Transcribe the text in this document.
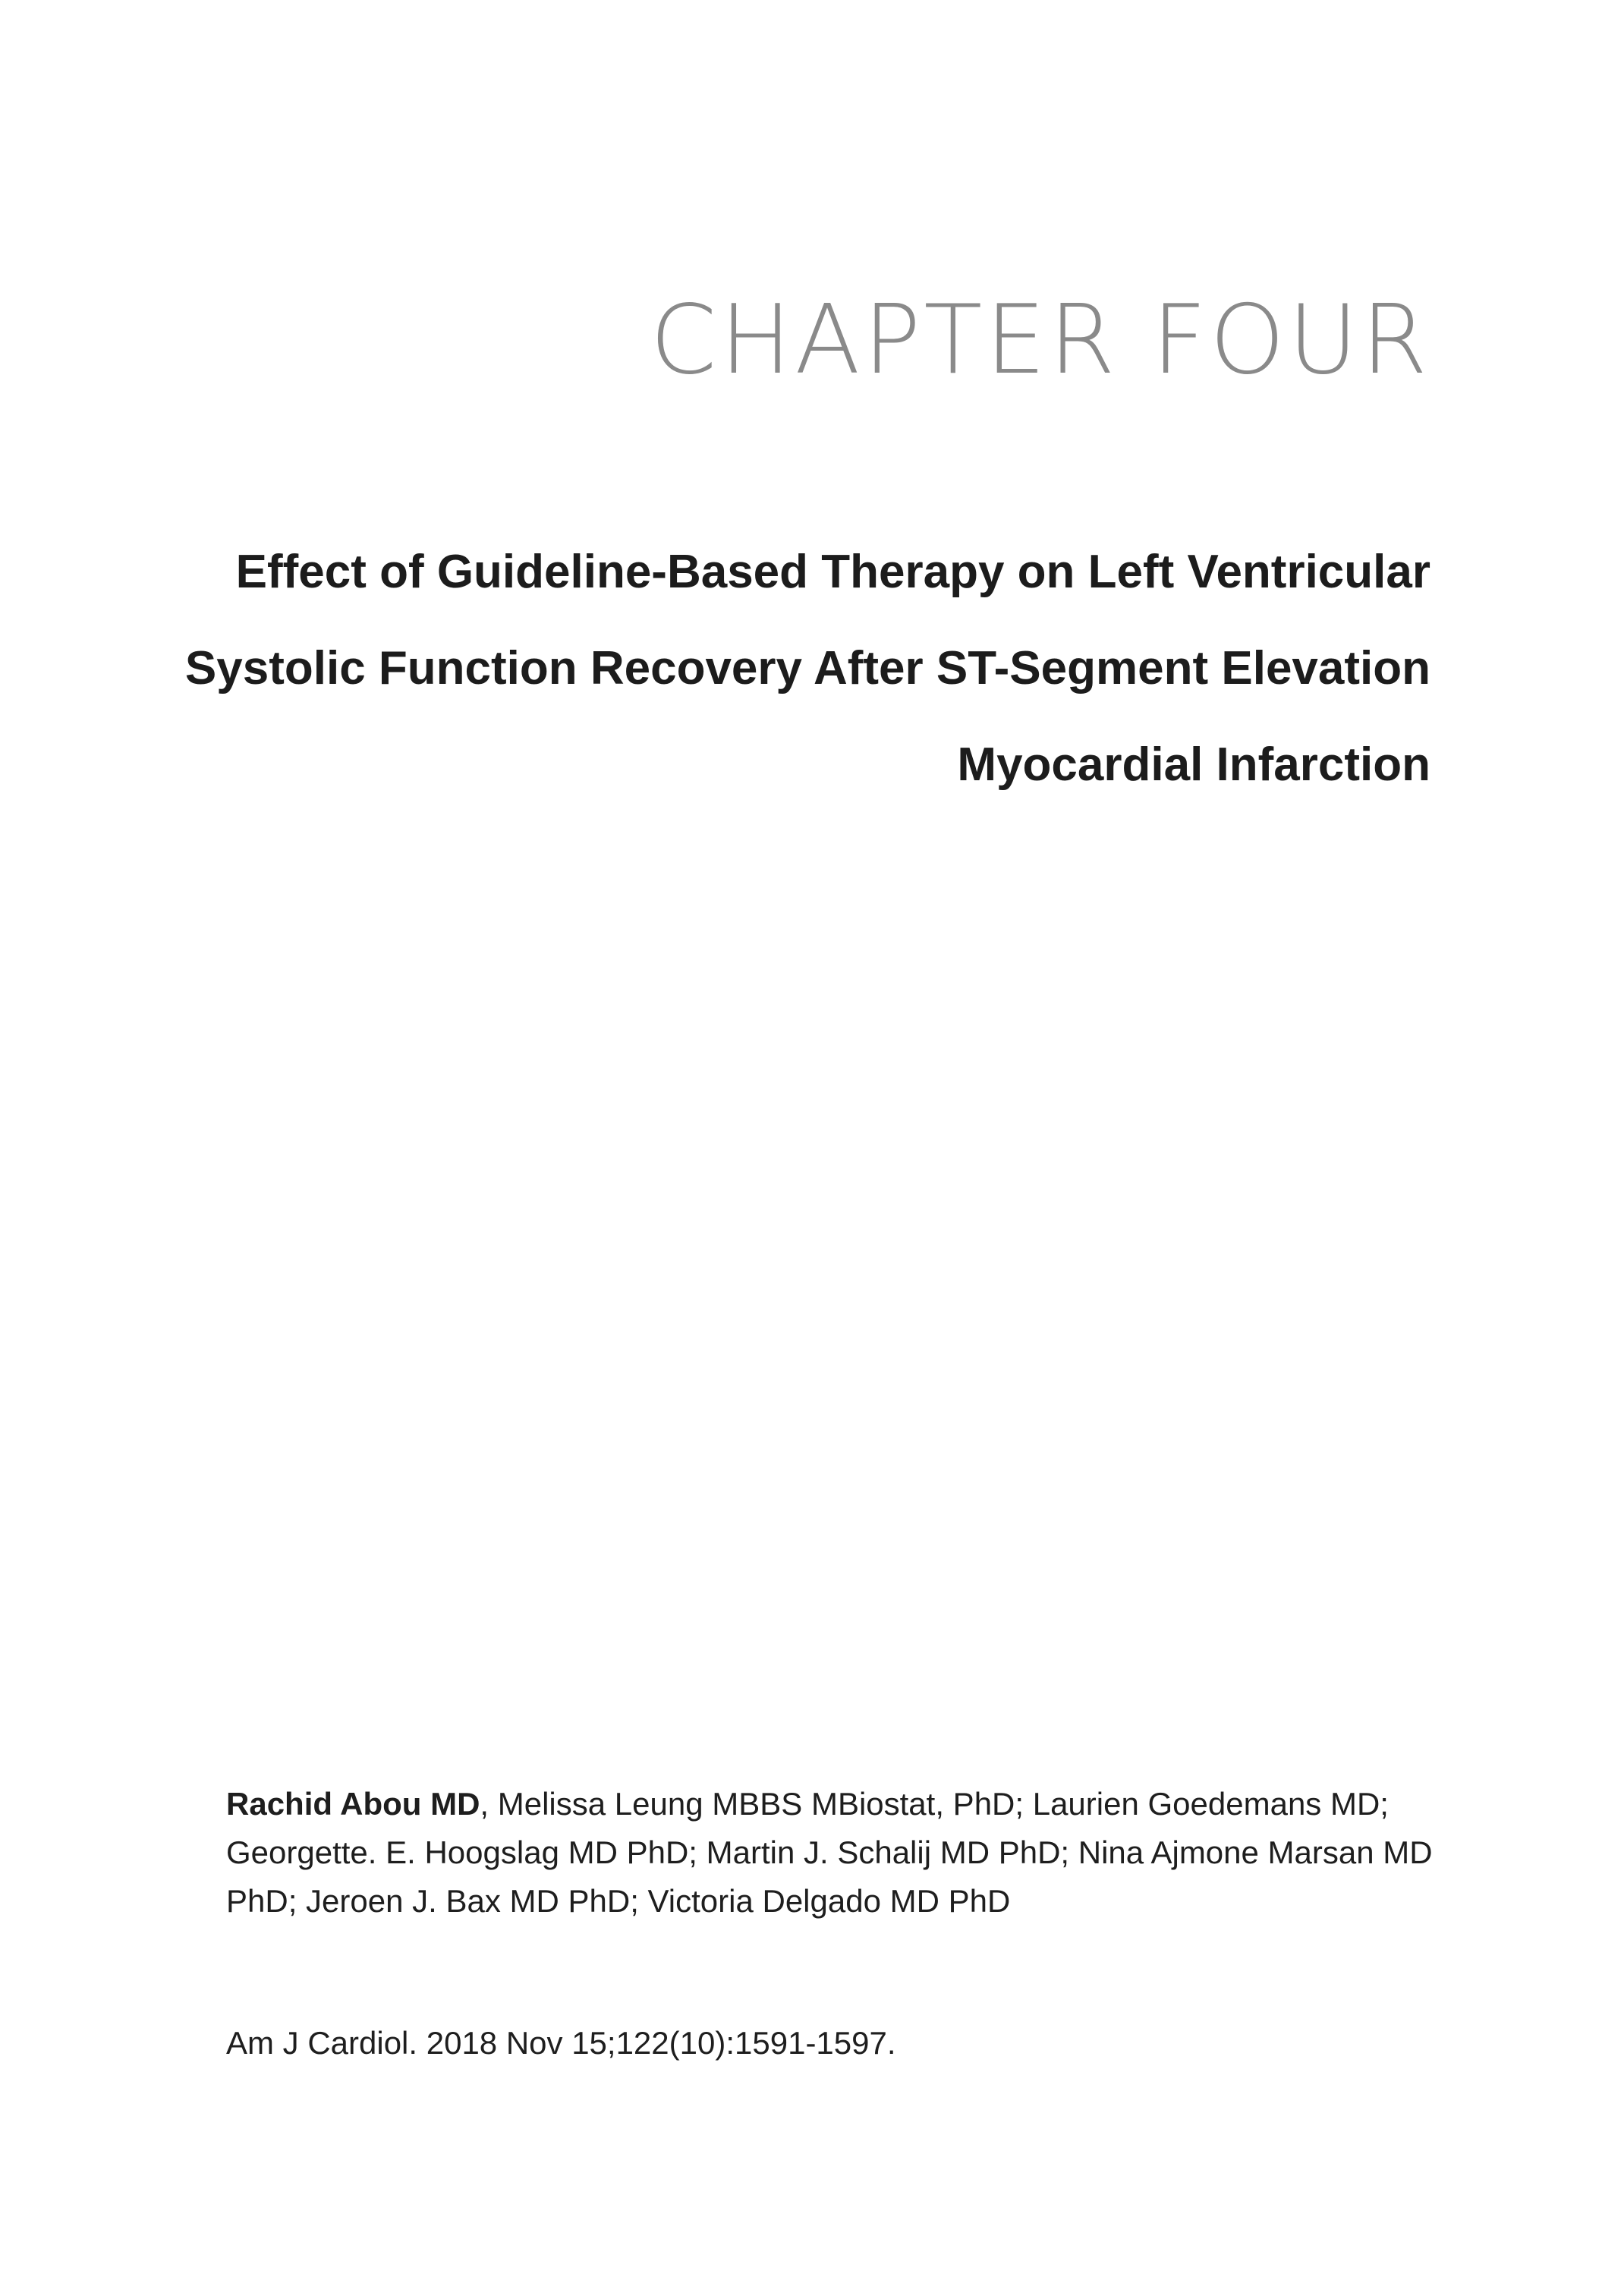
CHAPTER FOUR
Effect of Guideline-Based Therapy on Left Ventricular
Systolic Function Recovery After ST-Segment Elevation
Myocardial Infarction
Rachid Abou MD, Melissa Leung MBBS MBiostat, PhD; Laurien Goedemans MD;
Georgette. E. Hoogslag MD PhD; Martin J. Schalij MD PhD; Nina Ajmone Marsan MD
PhD; Jeroen J. Bax MD PhD; Victoria Delgado MD PhD
Am J Cardiol. 2018 Nov 15;122(10):1591-1597.
